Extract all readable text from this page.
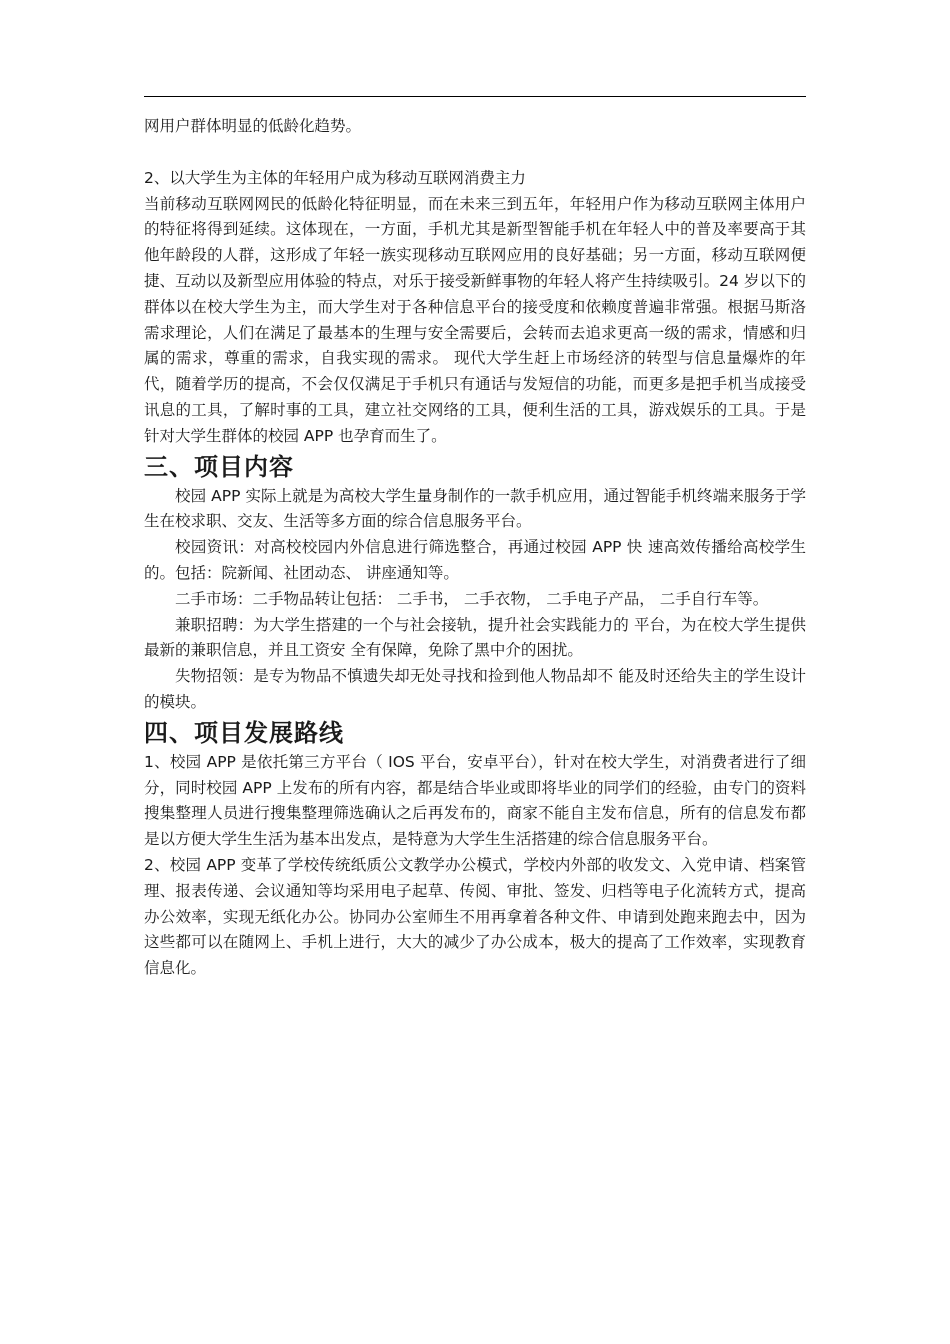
网用户群体明显的低龄化趋势。

2、以大学生为主体的年轻用户成为移动互联网消费主力

当前移动互联网网民的低龄化特征明显，而在未来三到五年，年轻用户作为移动互联网主体用户的特征将得到延续。这体现在，一方面，手机尤其是新型智能手机在年轻人中的普及率要高于其他年龄段的人群，这形成了年轻一族实现移动互联网应用的良好基础；另一方面，移动互联网便捷、互动以及新型应用体验的特点，对乐于接受新鲜事物的年轻人将产生持续吸引。24 岁以下的群体以在校大学生为主，而大学生对于各种信息平台的接受度和依赖度普遍非常强。根据马斯洛需求理论，人们在满足了最基本的生理与安全需要后，会转而去追求更高一级的需求，情感和归属的需求，尊重的需求，自我实现的需求。 现代大学生赶上市场经济的转型与信息量爆炸的年代，随着学历的提高，不会仅仅满足于手机只有通话与发短信的功能，而更多是把手机当成接受讯息的工具，了解时事的工具，建立社交网络的工具，便利生活的工具，游戏娱乐的工具。于是针对大学生群体的校园 APP 也孕育而生了。

三、项目内容

校园 APP 实际上就是为高校大学生量身制作的一款手机应用，通过智能手机终端来服务于学生在校求职、交友、生活等多方面的综合信息服务平台。

校园资讯：对高校校园内外信息进行筛选整合，再通过校园 APP 快 速高效传播给高校学生的。包括：院新闻、社团动态、 讲座通知等。

二手市场：二手物品转让包括： 二手书， 二手衣物， 二手电子产品， 二手自行车等。

兼职招聘：为大学生搭建的一个与社会接轨，提升社会实践能力的 平台，为在校大学生提供最新的兼职信息，并且工资安 全有保障，免除了黑中介的困扰。

失物招领：是专为物品不慎遗失却无处寻找和捡到他人物品却不 能及时还给失主的学生设计的模块。

四、项目发展路线

1、校园 APP 是依托第三方平台（ IOS 平台，安卓平台），针对在校大学生，对消费者进行了细分，同时校园 APP 上发布的所有内容，都是结合毕业或即将毕业的同学们的经验，由专门的资料搜集整理人员进行搜集整理筛选确认之后再发布的，商家不能自主发布信息，所有的信息发布都是以方便大学生生活为基本出发点，是特意为大学生生活搭建的综合信息服务平台。

2、校园 APP 变革了学校传统纸质公文教学办公模式，学校内外部的收发文、入党申请、档案管理、报表传递、会议通知等均采用电子起草、传阅、审批、签发、归档等电子化流转方式，提高办公效率，实现无纸化办公。协同办公室师生不用再拿着各种文件、申请到处跑来跑去中，因为这些都可以在随网上、手机上进行，大大的减少了办公成本，极大的提高了工作效率，实现教育信息化。
